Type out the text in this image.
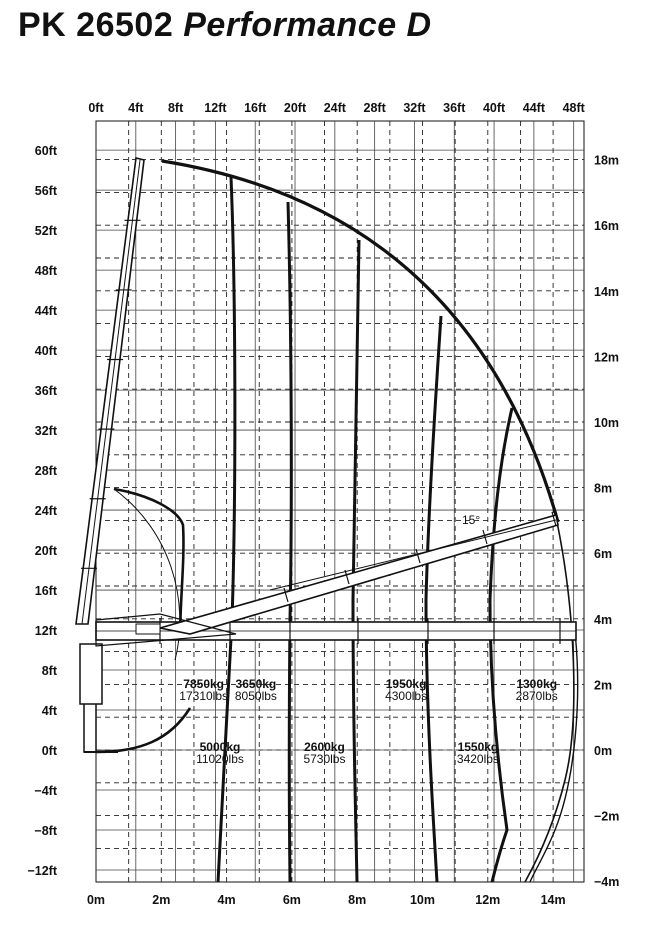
PK 26502 Performance D
0ft 4ft 8ft 12ft 16ft 20ft 24ft 28ft 32ft 36ft 40ft 44ft 48ft
0m	2m	4m	6m	8m	10m	12m	14m
60ft
56ft
52ft
48ft
44ft
40ft
36ft
32ft
28ft
24ft
20ft
16ft
12ft
8ft
4ft
0ft
−4ft
−8ft
−12ft
18m
16m
14m
12m
10m
8m
6m
4m
2m
0m
−2m
−4m
15°
7850kg
17310lbs
5000kg
11020lbs
3650kg
8050lbs
2600kg
5730lbs
1950kg
4300lbs
1550kg
3420lbs
1300kg
2870lbs
